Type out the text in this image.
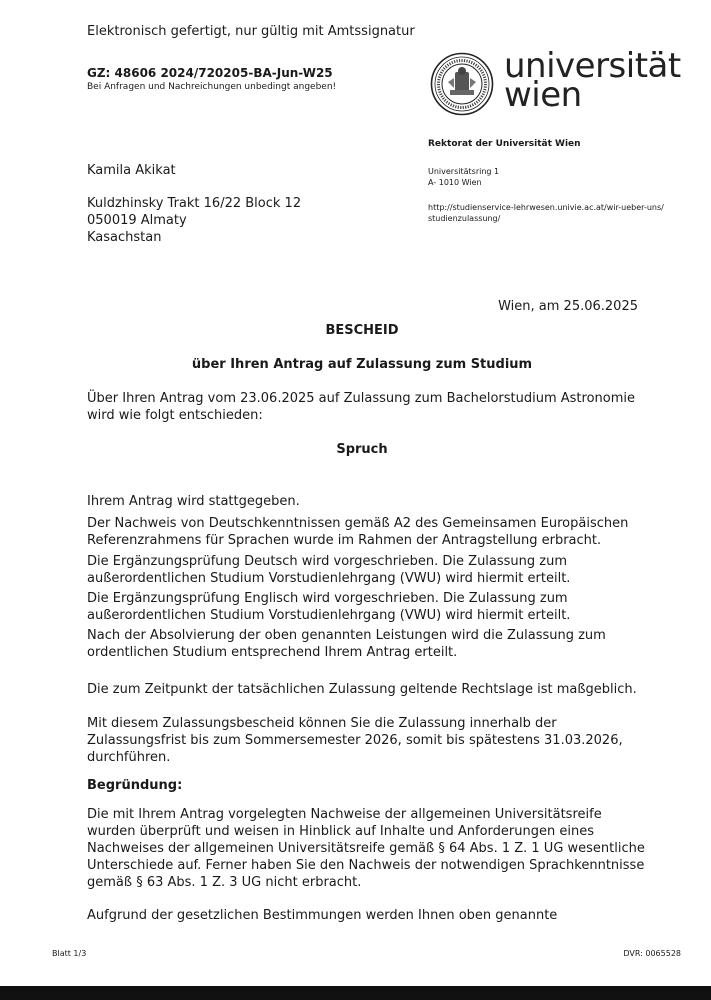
Elektronisch gefertigt, nur gültig mit Amtssignatur
GZ: 48606 2024/720205-BA-Jun-W25
Bei Anfragen und Nachreichungen unbedingt angeben!
universität
wien
Rektorat der Universität Wien
Universitätsring 1
A- 1010 Wien
http://studienservice-lehrwesen.univie.ac.at/wir-ueber-uns/
studienzulassung/
Kamila Akikat
Kuldzhinsky Trakt 16/22 Block 12
050019 Almaty
Kasachstan
Wien, am 25.06.2025
BESCHEID
über Ihren Antrag auf Zulassung zum Studium
Über Ihren Antrag vom 23.06.2025 auf Zulassung zum Bachelorstudium Astronomie wird wie folgt entschieden:
Spruch
Ihrem Antrag wird stattgegeben.
Der Nachweis von Deutschkenntnissen gemäß A2 des Gemeinsamen Europäischen Referenzrahmens für Sprachen wurde im Rahmen der Antragstellung erbracht.
Die Ergänzungsprüfung Deutsch wird vorgeschrieben. Die Zulassung zum außerordentlichen Studium Vorstudienlehrgang (VWU) wird hiermit erteilt.
Die Ergänzungsprüfung Englisch wird vorgeschrieben. Die Zulassung zum außerordentlichen Studium Vorstudienlehrgang (VWU) wird hiermit erteilt.
Nach der Absolvierung der oben genannten Leistungen wird die Zulassung zum ordentlichen Studium entsprechend Ihrem Antrag erteilt.
Die zum Zeitpunkt der tatsächlichen Zulassung geltende Rechtslage ist maßgeblich.
Mit diesem Zulassungsbescheid können Sie die Zulassung innerhalb der Zulassungsfrist bis zum Sommersemester 2026, somit bis spätestens 31.03.2026, durchführen.
Begründung:
Die mit Ihrem Antrag vorgelegten Nachweise der allgemeinen Universitätsreife wurden überprüft und weisen in Hinblick auf Inhalte und Anforderungen eines Nachweises der allgemeinen Universitätsreife gemäß § 64 Abs. 1 Z. 1 UG wesentliche Unterschiede auf. Ferner haben Sie den Nachweis der notwendigen Sprachkenntnisse gemäß § 63 Abs. 1 Z. 3 UG nicht erbracht.
Aufgrund der gesetzlichen Bestimmungen werden Ihnen oben genannte
Blatt 1/3	DVR: 0065528
